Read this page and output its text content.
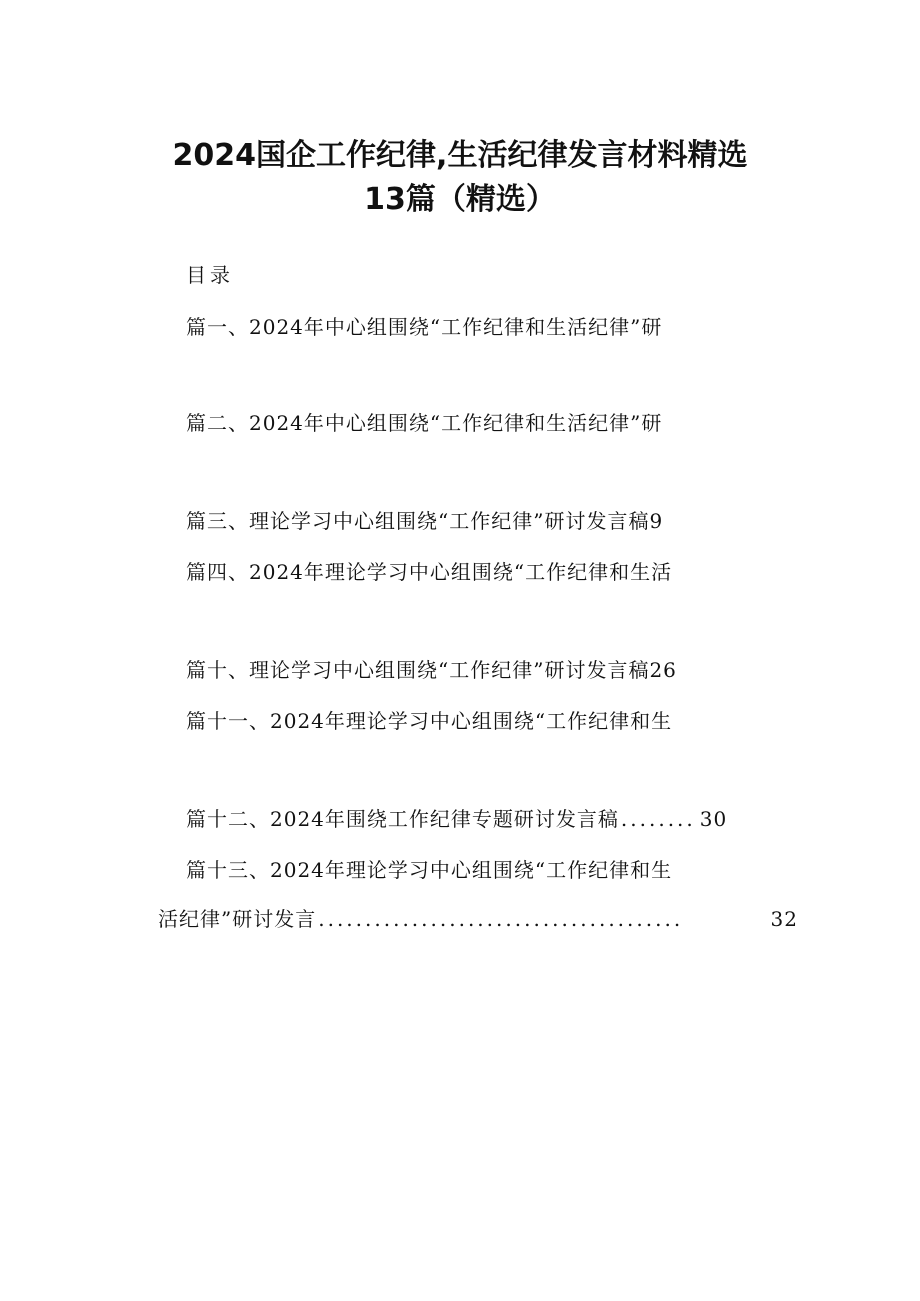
2024国企工作纪律,生活纪律发言材料精选
13篇（精选）
目录
篇一、2024年中心组围绕“工作纪律和生活纪律”研
篇二、2024年中心组围绕“工作纪律和生活纪律”研
篇三、理论学习中心组围绕“工作纪律”研讨发言稿9
篇四、2024年理论学习中心组围绕“工作纪律和生活
篇十、理论学习中心组围绕“工作纪律”研讨发言稿26
篇十一、2024年理论学习中心组围绕“工作纪律和生
篇十二、2024年围绕工作纪律专题研讨发言稿 ........ 30
篇十三、2024年理论学习中心组围绕“工作纪律和生
活纪律”研讨发言 .......................................	32
